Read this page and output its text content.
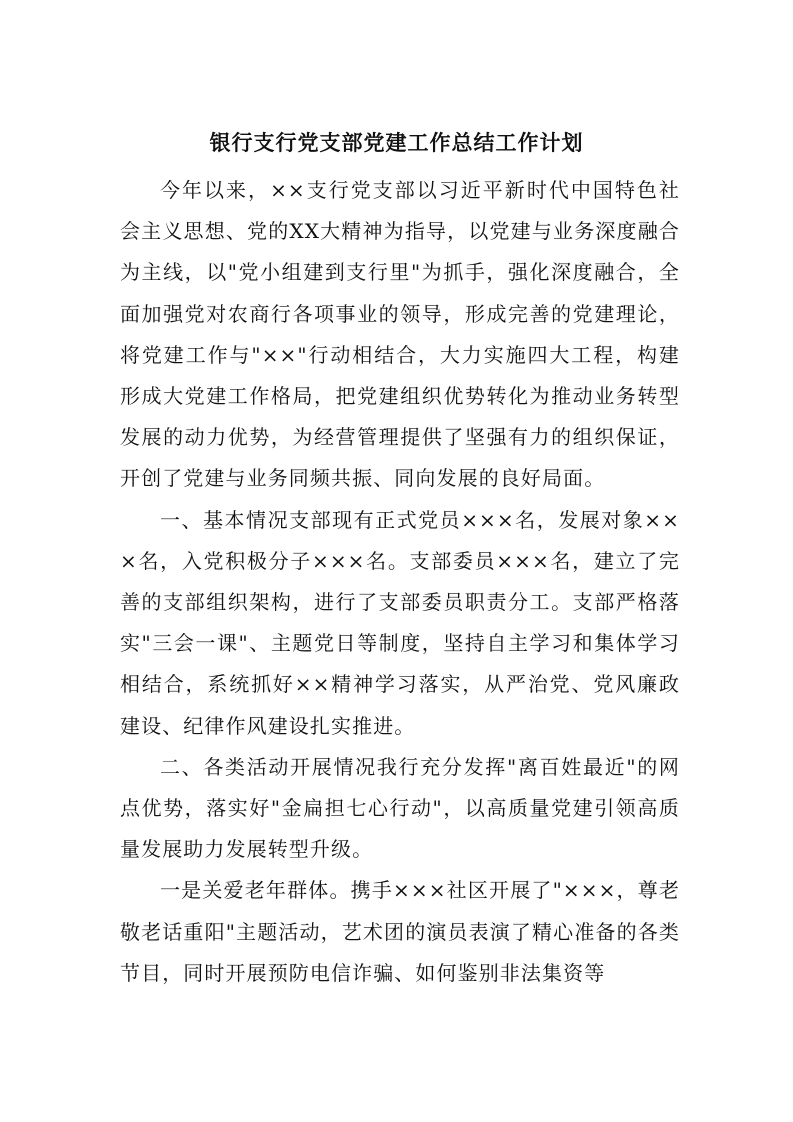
银行支行党支部党建工作总结工作计划

今年以来，××支行党支部以习近平新时代中国特色社会主义思想、党的XX大精神为指导，以党建与业务深度融合为主线，以"党小组建到支行里"为抓手，强化深度融合，全面加强党对农商行各项事业的领导，形成完善的党建理论，将党建工作与"××"行动相结合，大力实施四大工程，构建形成大党建工作格局，把党建组织优势转化为推动业务转型发展的动力优势，为经营管理提供了坚强有力的组织保证，开创了党建与业务同频共振、同向发展的良好局面。

一、基本情况支部现有正式党员×××名，发展对象×××名，入党积极分子×××名。支部委员×××名，建立了完善的支部组织架构，进行了支部委员职责分工。支部严格落实"三会一课"、主题党日等制度，坚持自主学习和集体学习相结合，系统抓好××精神学习落实，从严治党、党风廉政建设、纪律作风建设扎实推进。

二、各类活动开展情况我行充分发挥"离百姓最近"的网点优势，落实好"金扁担七心行动"，以高质量党建引领高质量发展助力发展转型升级。

一是关爱老年群体。携手×××社区开展了"×××，尊老敬老话重阳"主题活动，艺术团的演员表演了精心准备的各类节目，同时开展预防电信诈骗、如何鉴别非法集资等
